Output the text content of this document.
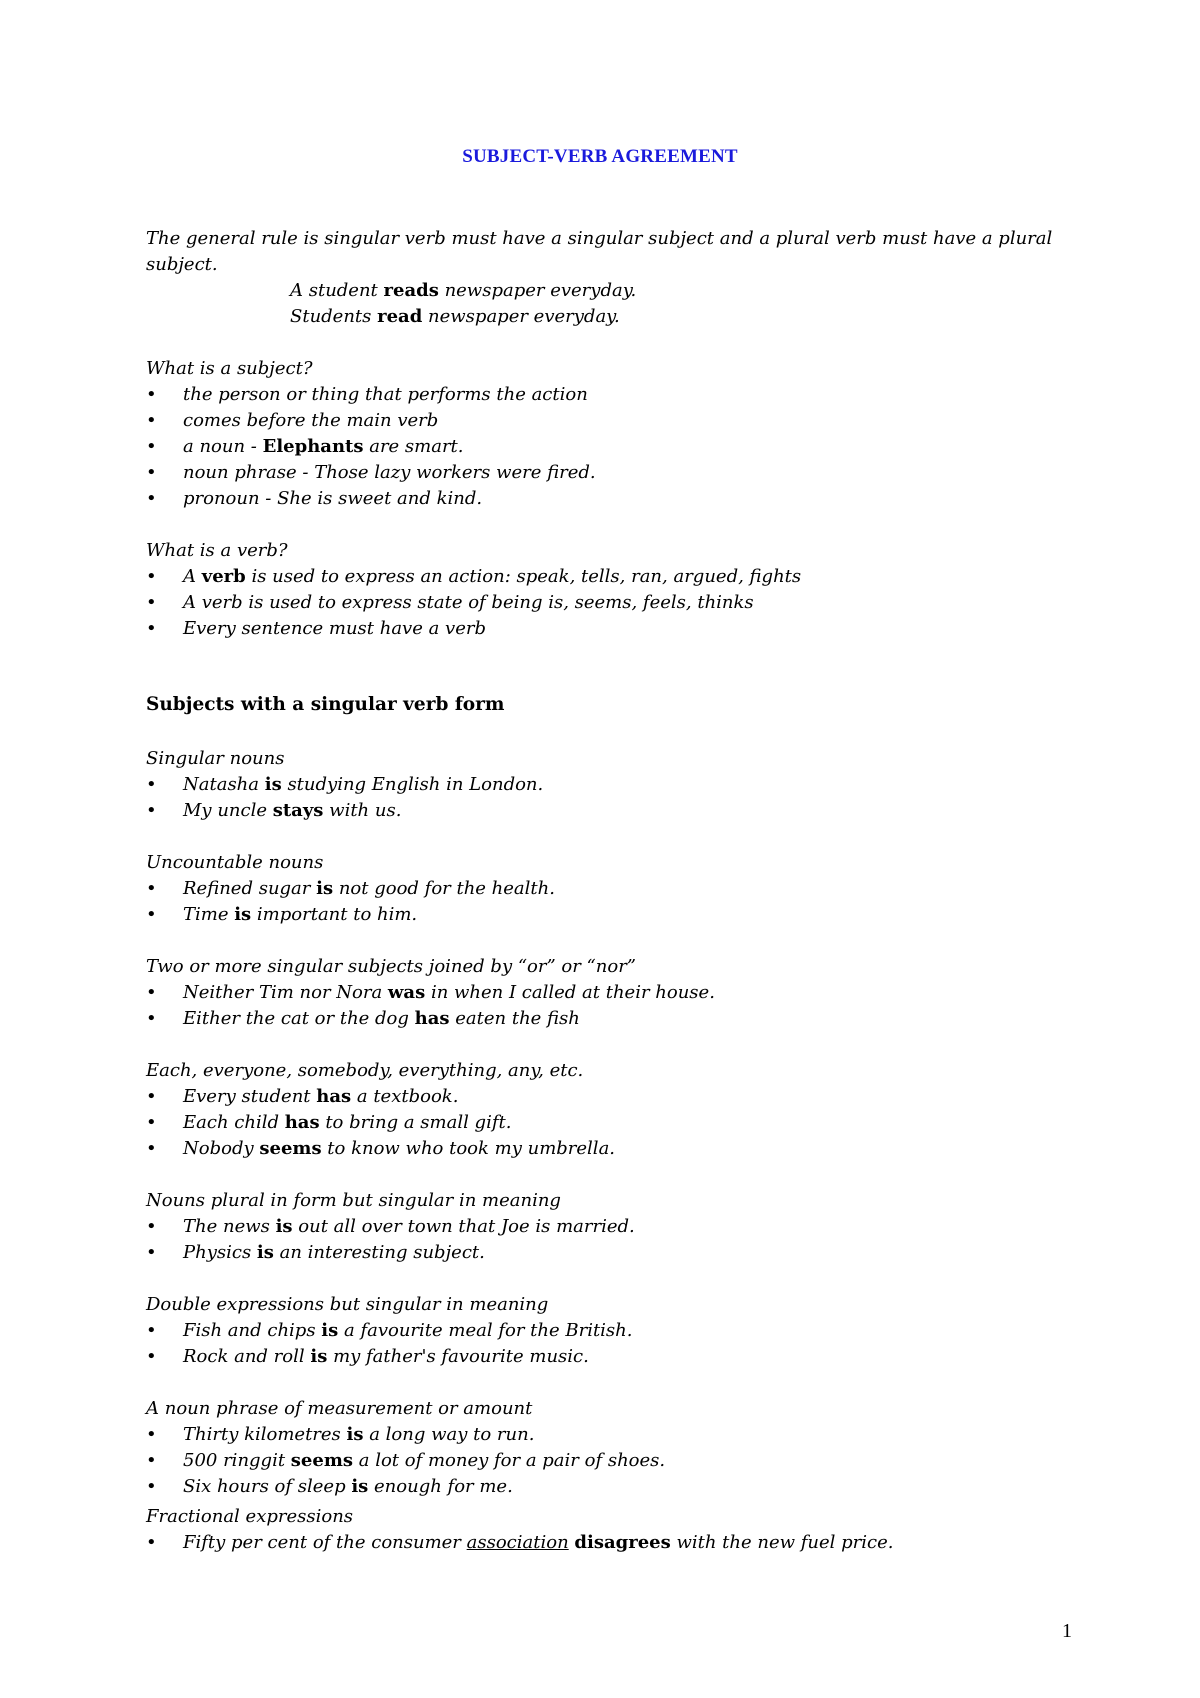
SUBJECT-VERB AGREEMENT
The general rule is singular verb must have a singular subject and a plural verb must have a plural
subject.
A student reads newspaper everyday.
Students read newspaper everyday.
What is a subject?
What is a verb?
Subjects with a singular verb form
Fractional expressions
• Fifty per cent of the consumer association disagrees with the new fuel price.
1
• the person or thing that performs the action
• comes before the main verb
• a noun - Elephants are smart.
• noun phrase - Those lazy workers were fired.
• pronoun - She is sweet and kind.
• A verb is used to express an action: speak, tells, ran, argued, fights
• A verb is used to express state of being is, seems, feels, thinks
• Every sentence must have a verb
Singular nouns
• Natasha is studying English in London.
• My uncle stays with us.
Uncountable nouns
• Refined sugar is not good for the health.
• Time is important to him.
Two or more singular subjects joined by “or” or “nor”
• Neither Tim nor Nora was in when I called at their house.
• Either the cat or the dog has eaten the fish
Each, everyone, somebody, everything, any, etc.
• Every student has a textbook.
• Each child has to bring a small gift.
• Nobody seems to know who took my umbrella.
Nouns plural in form but singular in meaning
• The news is out all over town that Joe is married.
• Physics is an interesting subject.
Double expressions but singular in meaning
• Fish and chips is a favourite meal for the British.
• Rock and roll is my father's favourite music.
A noun phrase of measurement or amount
• Thirty kilometres is a long way to run.
• 500 ringgit seems a lot of money for a pair of shoes.
• Six hours of sleep is enough for me.
